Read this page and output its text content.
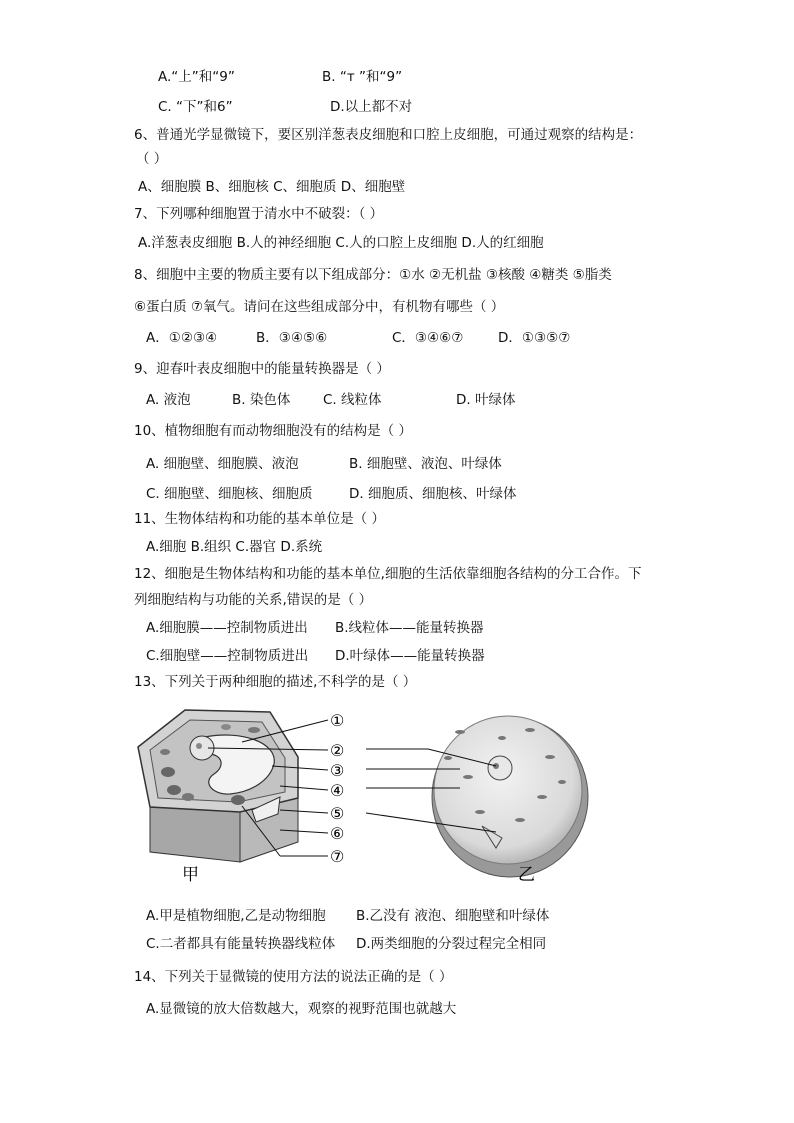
A.“上”和“9”	B. “ᴛ ”和“9”
C. “下”和6”	D.以上都不对
6、普通光学显微镜下，要区别洋葱表皮细胞和口腔上皮细胞，可通过观察的结构是：
（ ）
A、细胞膜 B、细胞核 C、细胞质 D、细胞壁
7、下列哪种细胞置于清水中不破裂：（ ）
A.洋葱表皮细胞 B.人的神经细胞 C.人的口腔上皮细胞 D.人的红细胞
8、细胞中主要的物质主要有以下组成部分：①水 ②无机盐 ③核酸 ④糖类 ⑤脂类
⑥蛋白质 ⑦氧气。请问在这些组成部分中，有机物有哪些（ ）
A．①②③④	B．③④⑤⑥	C．③④⑥⑦	D．①③⑤⑦
9、迎春叶表皮细胞中的能量转换器是（ ）
A. 液泡	B. 染色体 C. 线粒体	D. 叶绿体
10、植物细胞有而动物细胞没有的结构是（ ）
A. 细胞壁、细胞膜、液泡	B. 细胞壁、液泡、叶绿体
C. 细胞壁、细胞核、细胞质	D. 细胞质、细胞核、叶绿体
11、生物体结构和功能的基本单位是（ ）
A.细胞 B.组织 C.器官 D.系统
12、细胞是生物体结构和功能的基本单位,细胞的生活依靠细胞各结构的分工合作。下
列细胞结构与功能的关系,错误的是（ ）
A.细胞膜——控制物质进出 B.线粒体——能量转换器
C.细胞壁——控制物质进出 D.叶绿体——能量转换器
13、下列关于两种细胞的描述,不科学的是（ ）
甲
①
②
③
④
⑤
⑥
⑦
乙
A.甲是植物细胞,乙是动物细胞 B.乙没有 液泡、细胞壁和叶绿体
C.二者都具有能量转换器线粒体 D.两类细胞的分裂过程完全相同
14、下列关于显微镜的使用方法的说法正确的是（ ）
A.显微镜的放大倍数越大，观察的视野范围也就越大
